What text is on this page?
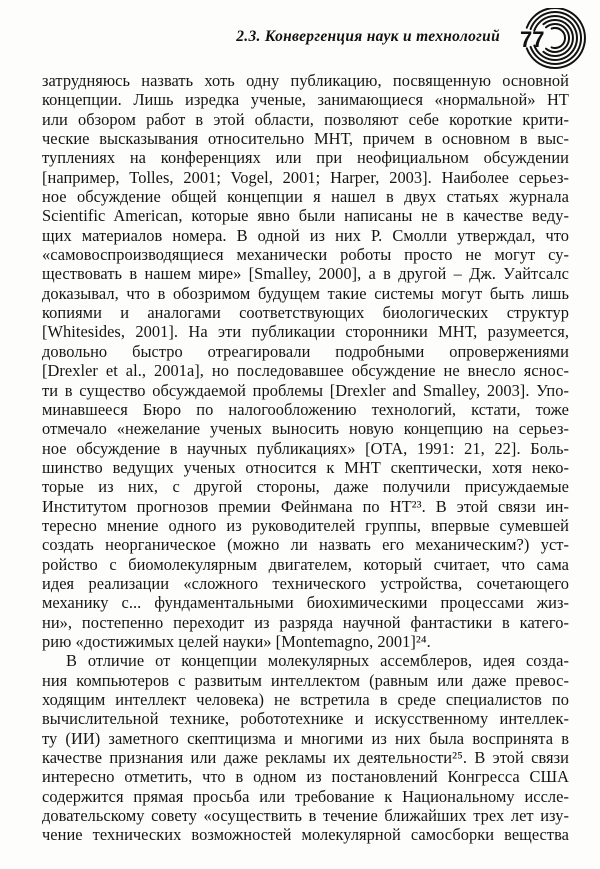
2.3. Конвергенция наук и технологий 77
затрудняюсь назвать хоть одну публикацию, посвященную основной
концепции. Лишь изредка ученые, занимающиеся «нормальной» НТ
или обзором работ в этой области, позволяют себе короткие крити-
ческие высказывания относительно МНТ, причем в основном в выс-
туплениях на конференциях или при неофициальном обсуждении
[например, Tolles, 2001; Vogel, 2001; Harper, 2003]. Наиболее серьез-
ное обсуждение общей концепции я нашел в двух статьях журнала
Scientific American, которые явно были написаны не в качестве веду-
щих материалов номера. В одной из них Р. Смолли утверждал, что
«самовоспроизводящиеся механически роботы просто не могут су-
ществовать в нашем мире» [Smalley, 2000], а в другой – Дж. Уайтсалс
доказывал, что в обозримом будущем такие системы могут быть лишь
копиями и аналогами соответствующих биологических структур
[Whitesides, 2001]. На эти публикации сторонники МНТ, разумеется,
довольно быстро отреагировали подробными опровержениями
[Drexler et al., 2001a], но последовавшее обсуждение не внесло яснос-
ти в существо обсуждаемой проблемы [Drexler and Smalley, 2003]. Упо-
минавшееся Бюро по налогообложению технологий, кстати, тоже
отмечало «нежелание ученых выносить новую концепцию на серьез-
ное обсуждение в научных публикациях» [OTA, 1991: 21, 22]. Боль-
шинство ведущих ученых относится к МНТ скептически, хотя неко-
торые из них, с другой стороны, даже получили присуждаемые
Институтом прогнозов премии Фейнмана по НТ²³. В этой связи ин-
тересно мнение одного из руководителей группы, впервые сумевшей
создать неорганическое (можно ли назвать его механическим?) уст-
ройство с биомолекулярным двигателем, который считает, что сама
идея реализации «сложного технического устройства, сочетающего
механику с... фундаментальными биохимическими процессами жиз-
ни», постепенно переходит из разряда научной фантастики в катего-
рию «достижимых целей науки» [Montemagno, 2001]²⁴.
В отличие от концепции молекулярных ассемблеров, идея созда-
ния компьютеров с развитым интеллектом (равным или даже превос-
ходящим интеллект человека) не встретила в среде специалистов по
вычислительной технике, робототехнике и искусственному интеллек-
ту (ИИ) заметного скептицизма и многими из них была воспринята в
качестве признания или даже рекламы их деятельности²⁵. В этой связи
интересно отметить, что в одном из постановлений Конгресса США
содержится прямая просьба или требование к Национальному иссле-
довательскому совету «осуществить в течение ближайших трех лет изу-
чение технических возможностей молекулярной самосборки вещества
